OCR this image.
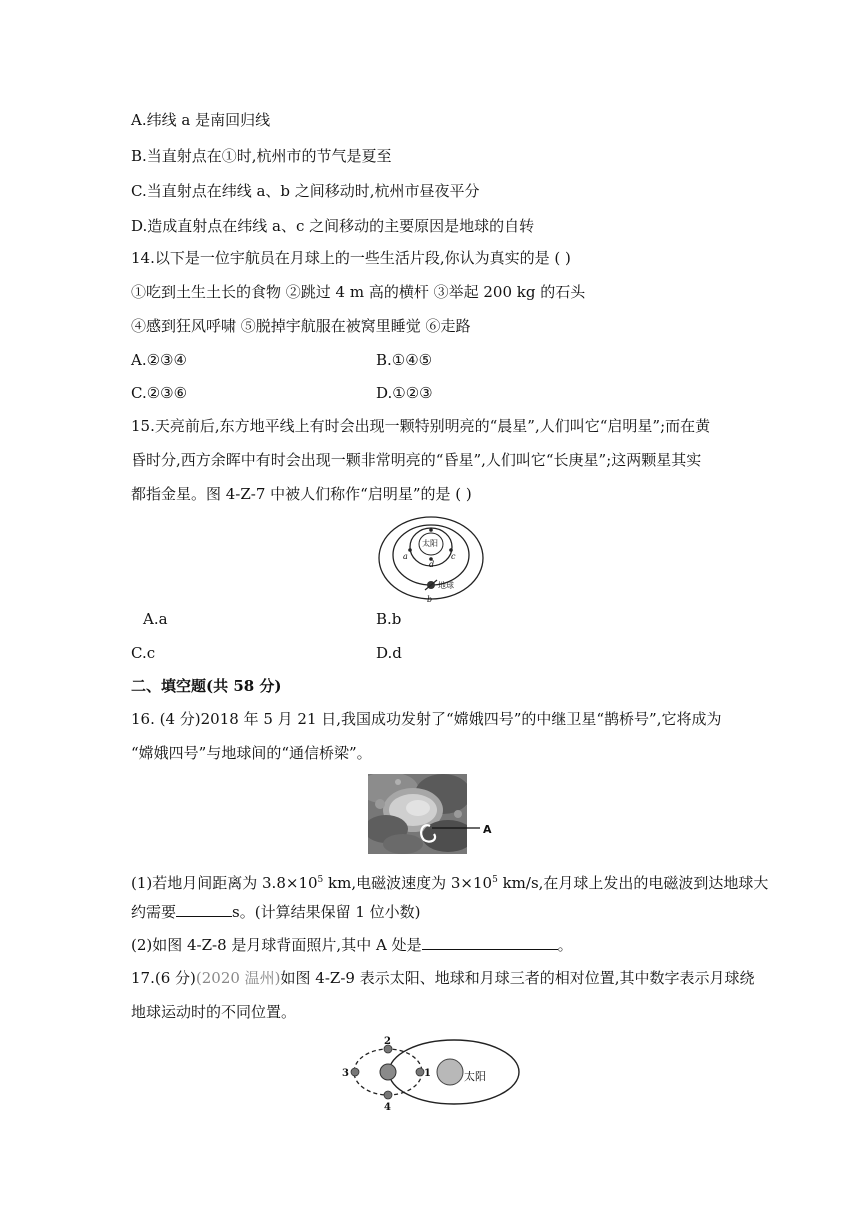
A.纬线 a 是南回归线
B.当直射点在①时,杭州市的节气是夏至
C.当直射点在纬线 a、b 之间移动时,杭州市昼夜平分
D.造成直射点在纬线 a、c 之间移动的主要原因是地球的自转
14.以下是一位宇航员在月球上的一些生活片段,你认为真实的是 ( )
①吃到土生土长的食物 ②跳过 4 m 高的横杆 ③举起 200 kg 的石头
④感到狂风呼啸 ⑤脱掉宇航服在被窝里睡觉 ⑥走路
A.②③④	B.①④⑤
C.②③⑥	D.①②③
15.天亮前后,东方地平线上有时会出现一颗特别明亮的“晨星”,人们叫它“启明星”;而在黄
昏时分,西方余晖中有时会出现一颗非常明亮的“昏星”,人们叫它“长庚星”;这两颗星其实
都指金星。图 4-Z-7 中被人们称作“启明星”的是 ( )
太阳
地球
a	c
d
b
A.a	B.b
C.c	D.d
二、填空题(共 58 分)
16. (4 分)2018 年 5 月 21 日,我国成功发射了“嫦娥四号”的中继卫星“鹊桥号”,它将成为
“嫦娥四号”与地球间的“通信桥梁”。
A
(1)若地月间距离为 $3.8\times 10^5$ km,电磁波速度为 $3\times 10^5$ km/s,在月球上发出的电磁波到达地球大
约需要	s。(计算结果保留 1 位小数)
(2)如图 4-Z-8 是月球背面照片,其中 A 处是	。
17.(6 分)(2020 温州)如图 4-Z-9 表示太阳、地球和月球三者的相对位置,其中数字表示月球绕
地球运动时的不同位置。
太阳
1
2
3
4
